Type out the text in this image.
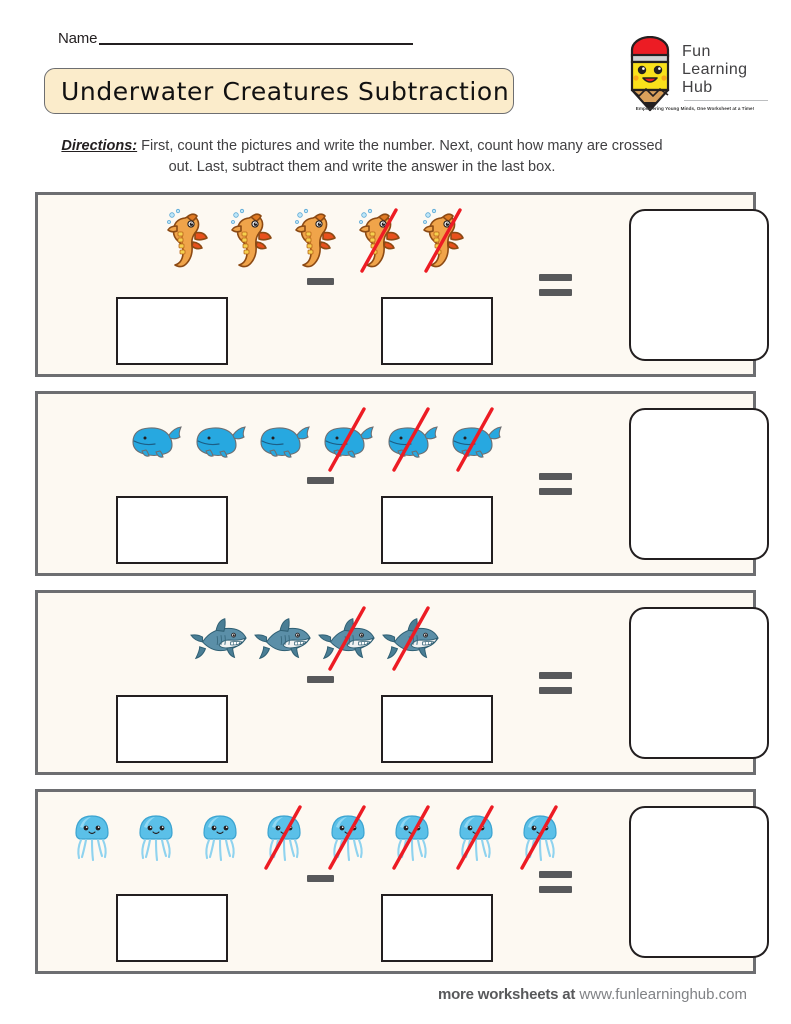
Name
Underwater Creatures Subtraction
Fun
Learning
Hub
Empowering Young Minds, One Worksheet at a Time!
Directions: First, count the pictures and write the number. Next, count how many are crossed out. Last, subtract them and write the answer in the last box.
more worksheets at www.funlearninghub.com
